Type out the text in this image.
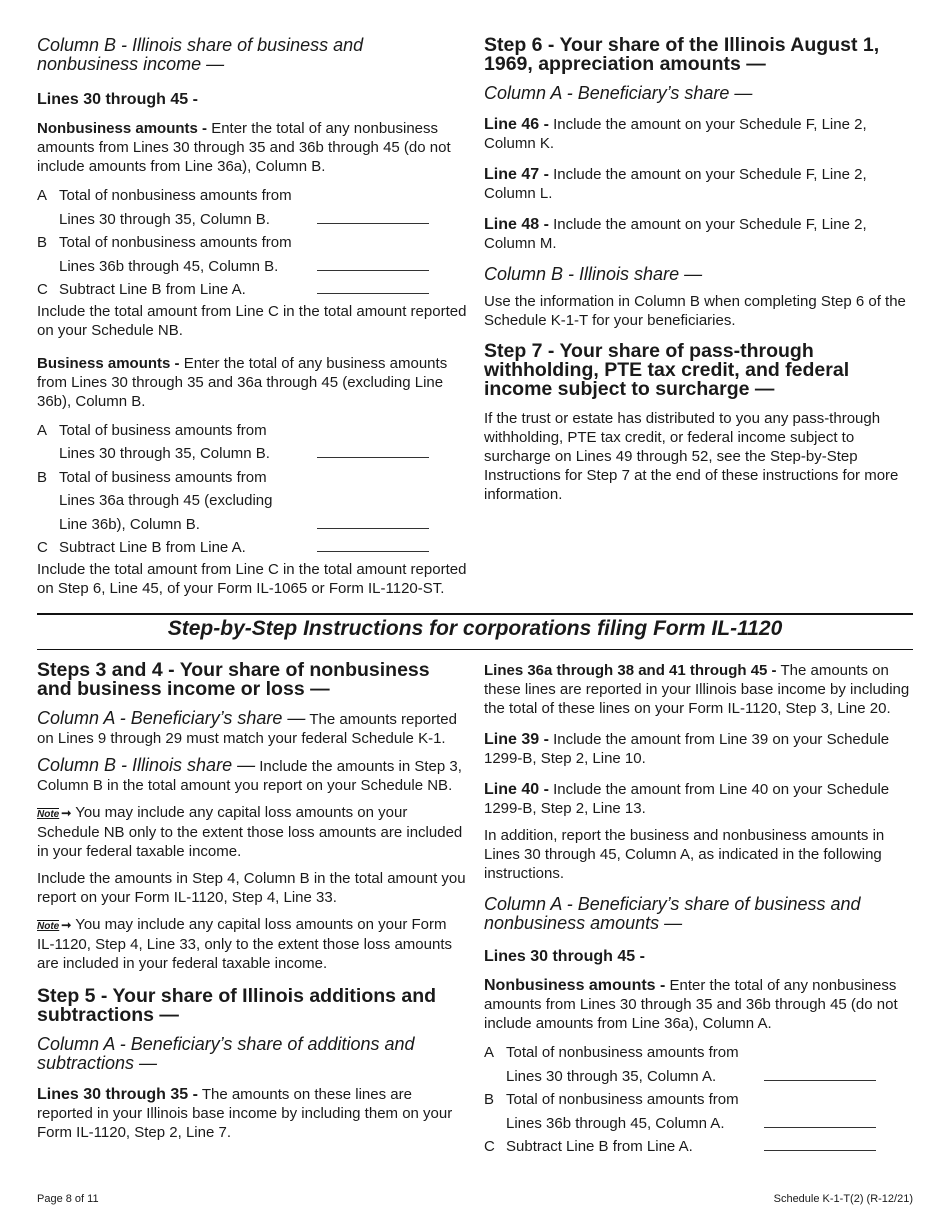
Column B - Illinois share of business and nonbusiness income —
Lines 30 through 45 -

Nonbusiness amounts - Enter the total of any nonbusiness amounts from Lines 30 through 35 and 36b through 45 (do not include amounts from Line 36a), Column B.

A Total of nonbusiness amounts from
Lines 30 through 35, Column B.
B Total of nonbusiness amounts from
Lines 36b through 45, Column B.
C Subtract Line B from Line A.

Include the total amount from Line C in the total amount reported on your Schedule NB.

Business amounts - Enter the total of any business amounts from Lines 30 through 35 and 36a through 45 (excluding Line 36b), Column B.

A Total of business amounts from
Lines 30 through 35, Column B.
B Total of business amounts from
Lines 36a through 45 (excluding
Line 36b), Column B.
C Subtract Line B from Line A.

Include the total amount from Line C in the total amount reported on Step 6, Line 45, of your Form IL-1065 or Form IL-1120-ST.

Step 6 - Your share of the Illinois August 1, 1969, appreciation amounts —
Column A - Beneficiary’s share —

Line 46 - Include the amount on your Schedule F, Line 2, Column K.

Line 47 - Include the amount on your Schedule F, Line 2, Column L.

Line 48 - Include the amount on your Schedule F, Line 2, Column M.

Column B - Illinois share —

Use the information in Column B when completing Step 6 of the Schedule K-1-T for your beneficiaries.

Step 7 - Your share of pass-through withholding, PTE tax credit, and federal income subject to surcharge —

If the trust or estate has distributed to you any pass-through withholding, PTE tax credit, or federal income subject to surcharge on Lines 49 through 52, see the Step-by-Step Instructions for Step 7 at the end of these instructions for more information.

Step-by-Step Instructions for corporations filing Form IL-1120
Steps 3 and 4 - Your share of nonbusiness and business income or loss —

Column A - Beneficiary’s share — The amounts reported on Lines 9 through 29 must match your federal Schedule K-1.

Column B - Illinois share — Include the amounts in Step 3, Column B in the total amount you report on your Schedule NB.

Note ➞ You may include any capital loss amounts on your Schedule NB only to the extent those loss amounts are included in your federal taxable income.

Include the amounts in Step 4, Column B in the total amount you report on your Form IL-1120, Step 4, Line 33.

Note ➞ You may include any capital loss amounts on your Form IL-1120, Step 4, Line 33, only to the extent those loss amounts are included in your federal taxable income.

Step 5 - Your share of Illinois additions and subtractions —
Column A - Beneficiary’s share of additions and subtractions —

Lines 30 through 35 - The amounts on these lines are reported in your Illinois base income by including them on your Form IL-1120, Step 2, Line 7.

Lines 36a through 38 and 41 through 45 - The amounts on these lines are reported in your Illinois base income by including the total of these lines on your Form IL-1120, Step 3, Line 20.

Line 39 - Include the amount from Line 39 on your Schedule 1299-B, Step 2, Line 10.

Line 40 - Include the amount from Line 40 on your Schedule 1299-B, Step 2, Line 13.

In addition, report the business and nonbusiness amounts in Lines 30 through 45, Column A, as indicated in the following instructions.

Column A - Beneficiary’s share of business and nonbusiness amounts —
Lines 30 through 45 -

Nonbusiness amounts - Enter the total of any nonbusiness amounts from Lines 30 through 35 and 36b through 45 (do not include amounts from Line 36a), Column A.

A Total of nonbusiness amounts from
Lines 30 through 35, Column A.
B Total of nonbusiness amounts from
Lines 36b through 45, Column A.
C Subtract Line B from Line A.
Page 8 of 11	Schedule K-1-T(2) (R-12/21)
